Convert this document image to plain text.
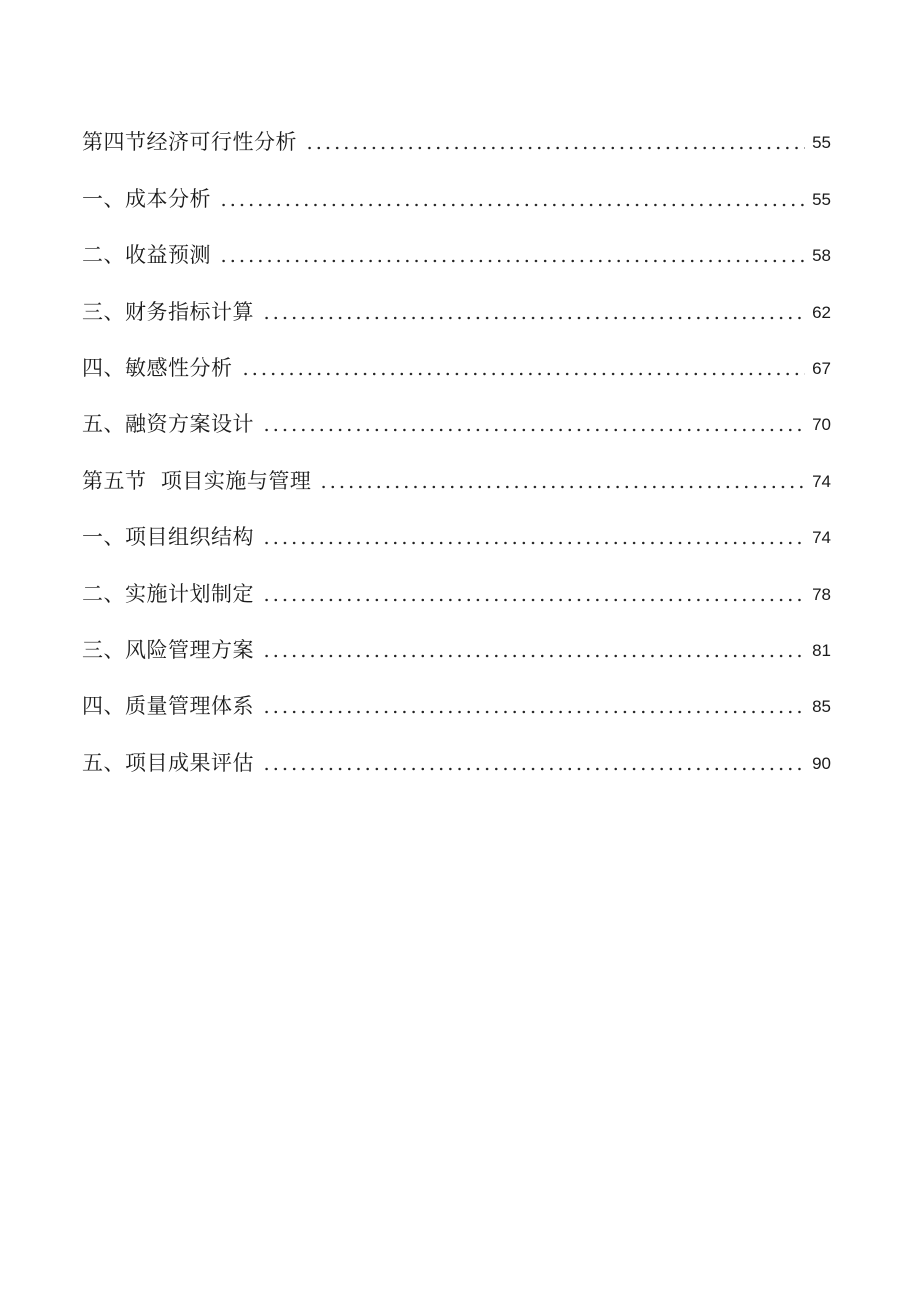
第四节经济可行性分析	55
一、成本分析	55
二、收益预测	58
三、财务指标计算	62
四、敏感性分析	67
五、融资方案设计	70
第五节  项目实施与管理	74
一、项目组织结构	74
二、实施计划制定	78
三、风险管理方案	81
四、质量管理体系	85
五、项目成果评估	90
